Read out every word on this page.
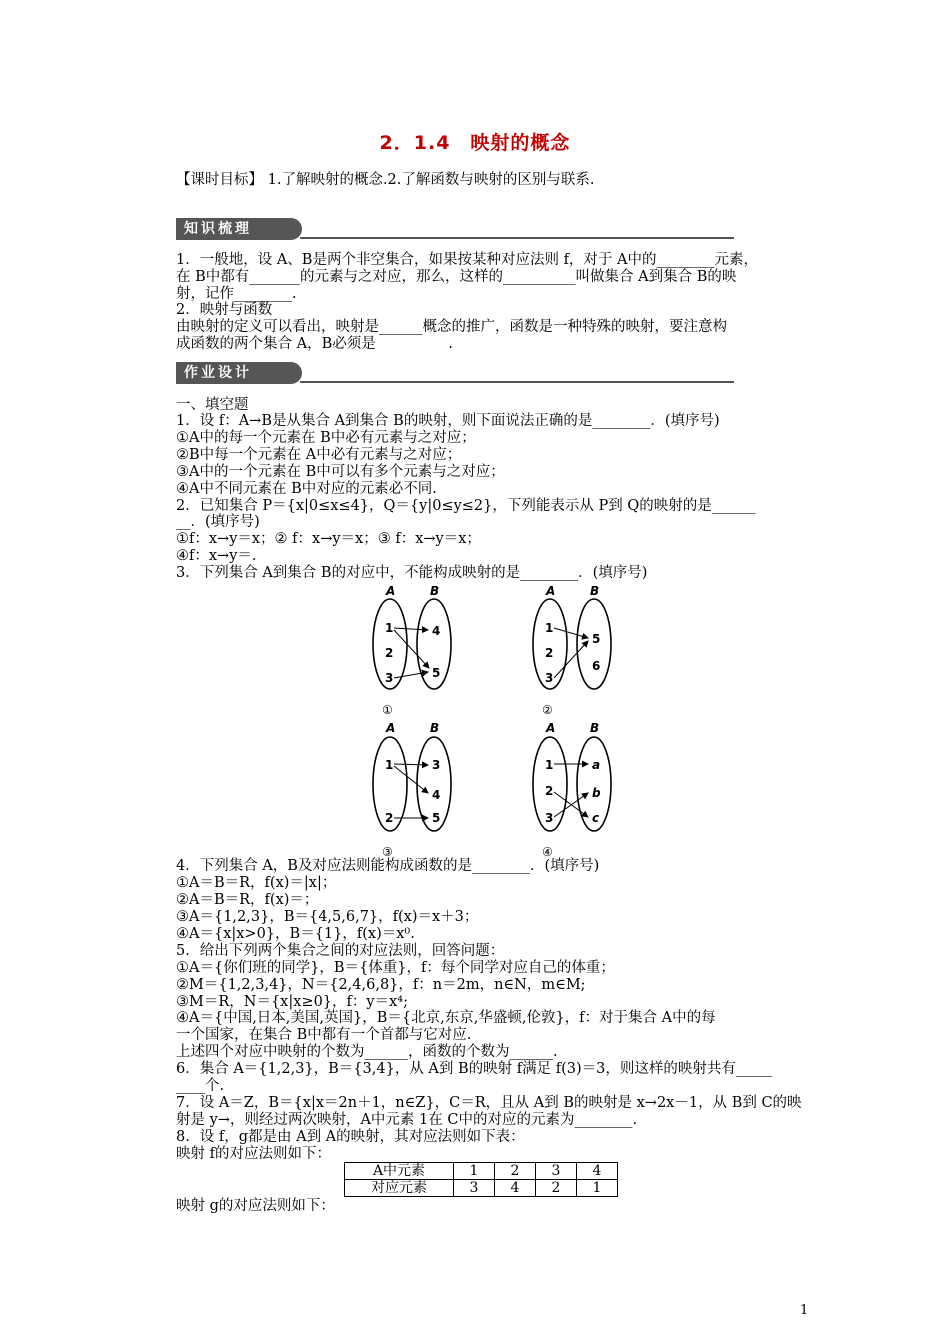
2．1.4　映射的概念
【课时目标】 1.了解映射的概念.2.了解函数与映射的区别与联系.
知识梳理
1．一般地，设 A、B是两个非空集合，如果按某种对应法则 f，对于 A中的________元素，
在 B中都有_______的元素与之对应，那么，这样的__________叫做集合 A到集合 B的映
射，记作________.
2．映射与函数
由映射的定义可以看出，映射是______概念的推广，函数是一种特殊的映射，要注意构
成函数的两个集合 A，B必须是　　　　　.
作业设计
一、填空题
1．设 f：A→B是从集合 A到集合 B的映射，则下面说法正确的是________．(填序号)
①A中的每一个元素在 B中必有元素与之对应；
②B中每一个元素在 A中必有元素与之对应；
③A中的一个元素在 B中可以有多个元素与之对应；
④A中不同元素在 B中对应的元素必不同.
2．已知集合 P＝{x|0≤x≤4}，Q＝{y|0≤y≤2}，下列能表示从 P到 Q的映射的是______
__．(填序号)
①f：x→y＝x；② f：x→y＝x；③ f：x→y＝x；
④f：x→y＝.
3．下列集合 A到集合 B的对应中，不能构成映射的是________．(填序号)
A	B
1
2
3
4
5
①
A	B
1
2
3
5
6
②
A	B
1
2
3
4
5
③
A	B
1
2
3
a
b
c
④
4．下列集合 A，B及对应法则能构成函数的是________．(填序号)
①A＝B＝R，f(x)＝|x|；
②A＝B＝R，f(x)＝；
③A＝{1,2,3}，B＝{4,5,6,7}，f(x)＝x＋3；
④A＝{x|x>0}，B＝{1}，f(x)＝x⁰.
5．给出下列两个集合之间的对应法则，回答问题：
①A＝{你们班的同学}，B＝{体重}，f：每个同学对应自己的体重；
②M＝{1,2,3,4}，N＝{2,4,6,8}，f：n＝2m，n∈N，m∈M;
③M＝R，N＝{x|x≥0}，f：y＝x⁴;
④A＝{中国,日本,美国,英国}，B＝{北京,东京,华盛顿,伦敦}，f：对于集合 A中的每
一个国家，在集合 B中都有一个首都与它对应.
上述四个对应中映射的个数为______，函数的个数为______.
6．集合 A＝{1,2,3}，B＝{3,4}，从 A到 B的映射 f满足 f(3)＝3，则这样的映射共有_____
____个.
7．设 A＝Z，B＝{x|x＝2n＋1，n∈Z}，C＝R，且从 A到 B的映射是 x→2x－1，从 B到 C的映
射是 y→，则经过两次映射，A中元素 1在 C中的对应的元素为________.
8．设 f，g都是由 A到 A的映射，其对应法则如下表：
映射 f的对应法则如下：
A中元素	1	2	3	4
对应元素	3	4	2	1
映射 g的对应法则如下：
1
